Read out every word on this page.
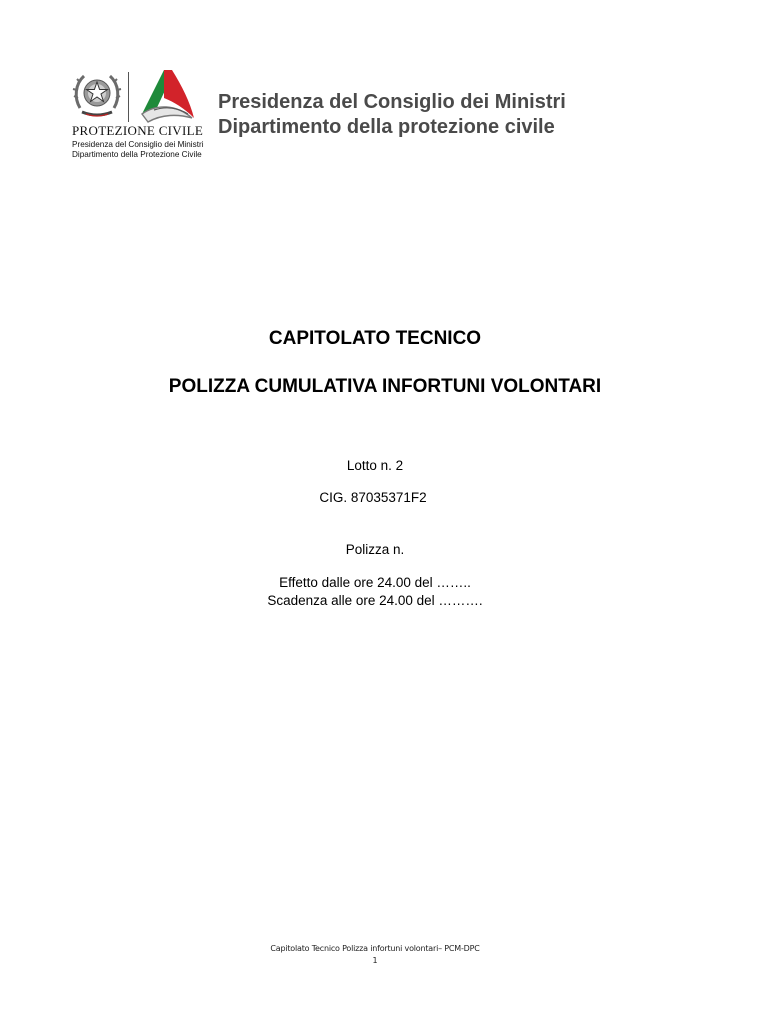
PROTEZIONE CIVILE
Presidenza del Consiglio dei Ministri
Dipartimento della Protezione Civile
Presidenza del Consiglio dei Ministri
Dipartimento della protezione civile
CAPITOLATO TECNICO
POLIZZA CUMULATIVA INFORTUNI VOLONTARI
Lotto n. 2
CIG. 87035371F2
Polizza n.
Effetto dalle ore 24.00 del ……..
Scadenza alle ore 24.00 del ……….
Capitolato Tecnico Polizza infortuni volontari– PCM-DPC
1
